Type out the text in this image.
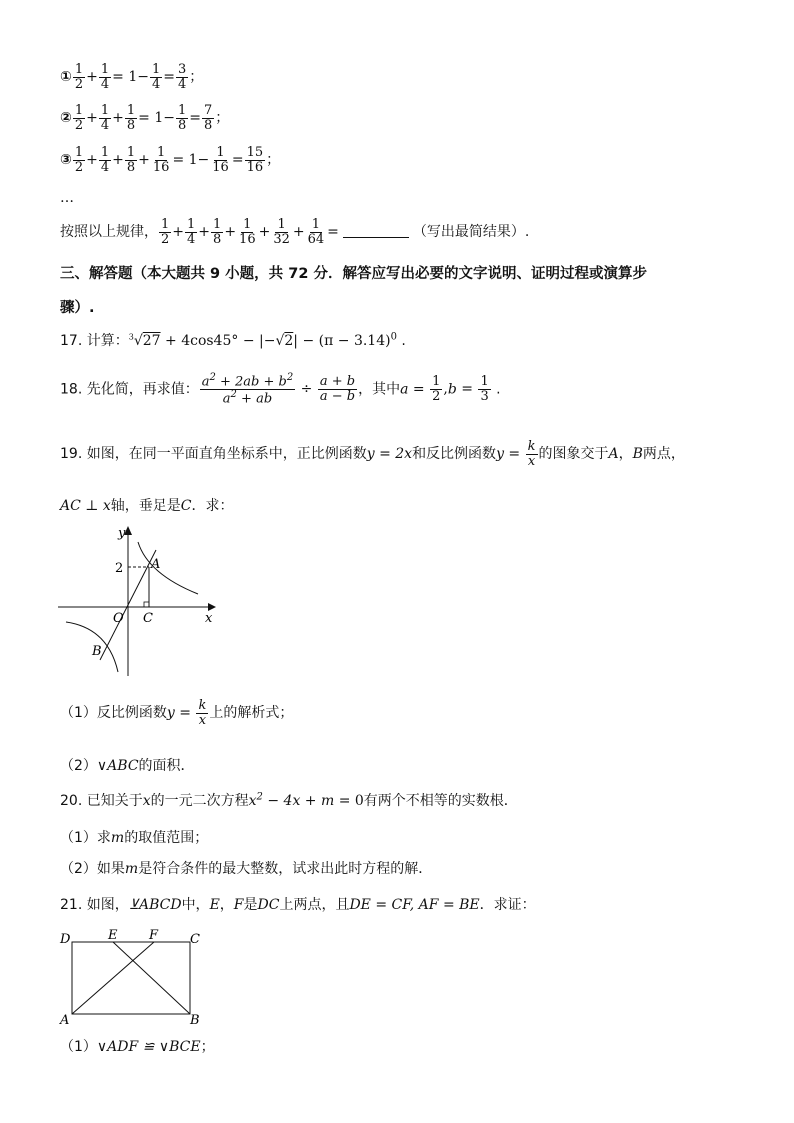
① $\frac{1}{2} + \frac{1}{4} = 1- \frac{1}{4} = \frac{3}{4}$ ；
② $\frac{1}{2} + \frac{1}{4} + \frac{1}{8} = 1- \frac{1}{8} = \frac{7}{8}$ ；
③ $\frac{1}{2} + \frac{1}{4} + \frac{1}{8} + \frac{1}{16} = 1- \frac{1}{16} = \frac{15}{16}$ ；
…
按照以上规律， $\frac{1}{2} + \frac{1}{4} + \frac{1}{8} + \frac{1}{16} + \frac{1}{32} + \frac{1}{64}$ =	（写出最简结果）.
三、解答题（本大题共 9 小题，共 72 分．解答应写出必要的文字说明、证明过程或演算步
骤）.
17. 计算：$^3√27 + 4\cos 45^\circ - |-√2| - (\pi - 3.14)^0$ .
18. 先化简，再求值： $\frac{a^2 + 2ab + b^2}{a^2 + ab} \div \frac{a + b}{a - b}$ ，其中$a = \frac{1}{2} ,b = \frac{1}{3}$ .
19. 如图，在同一平面直角坐标系中，正比例函数y = 2x和反比例函数$y = \frac{k}{x}$ 的图象交于A，B两点，
AC ⊥ x轴，垂足是C．求：
y
x
2 A
B
C
O
（1）反比例函数$y = \frac{k}{x}$ 上的解析式；
（2）∨ABC的面积．
20. 已知关于x的一元二次方程$x^2 - 4x + m = 0$有两个不相等的实数根．
（1）求m的取值范围；
（2）如果m是符合条件的最大整数，试求出此时方程的解．
21. 如图，⊻ABCD中，E，F是DC上两点，且DE = CF, AF = BE．求证：
D	E F C
A	B
（1）∨ADF ≌ ∨BCE；
